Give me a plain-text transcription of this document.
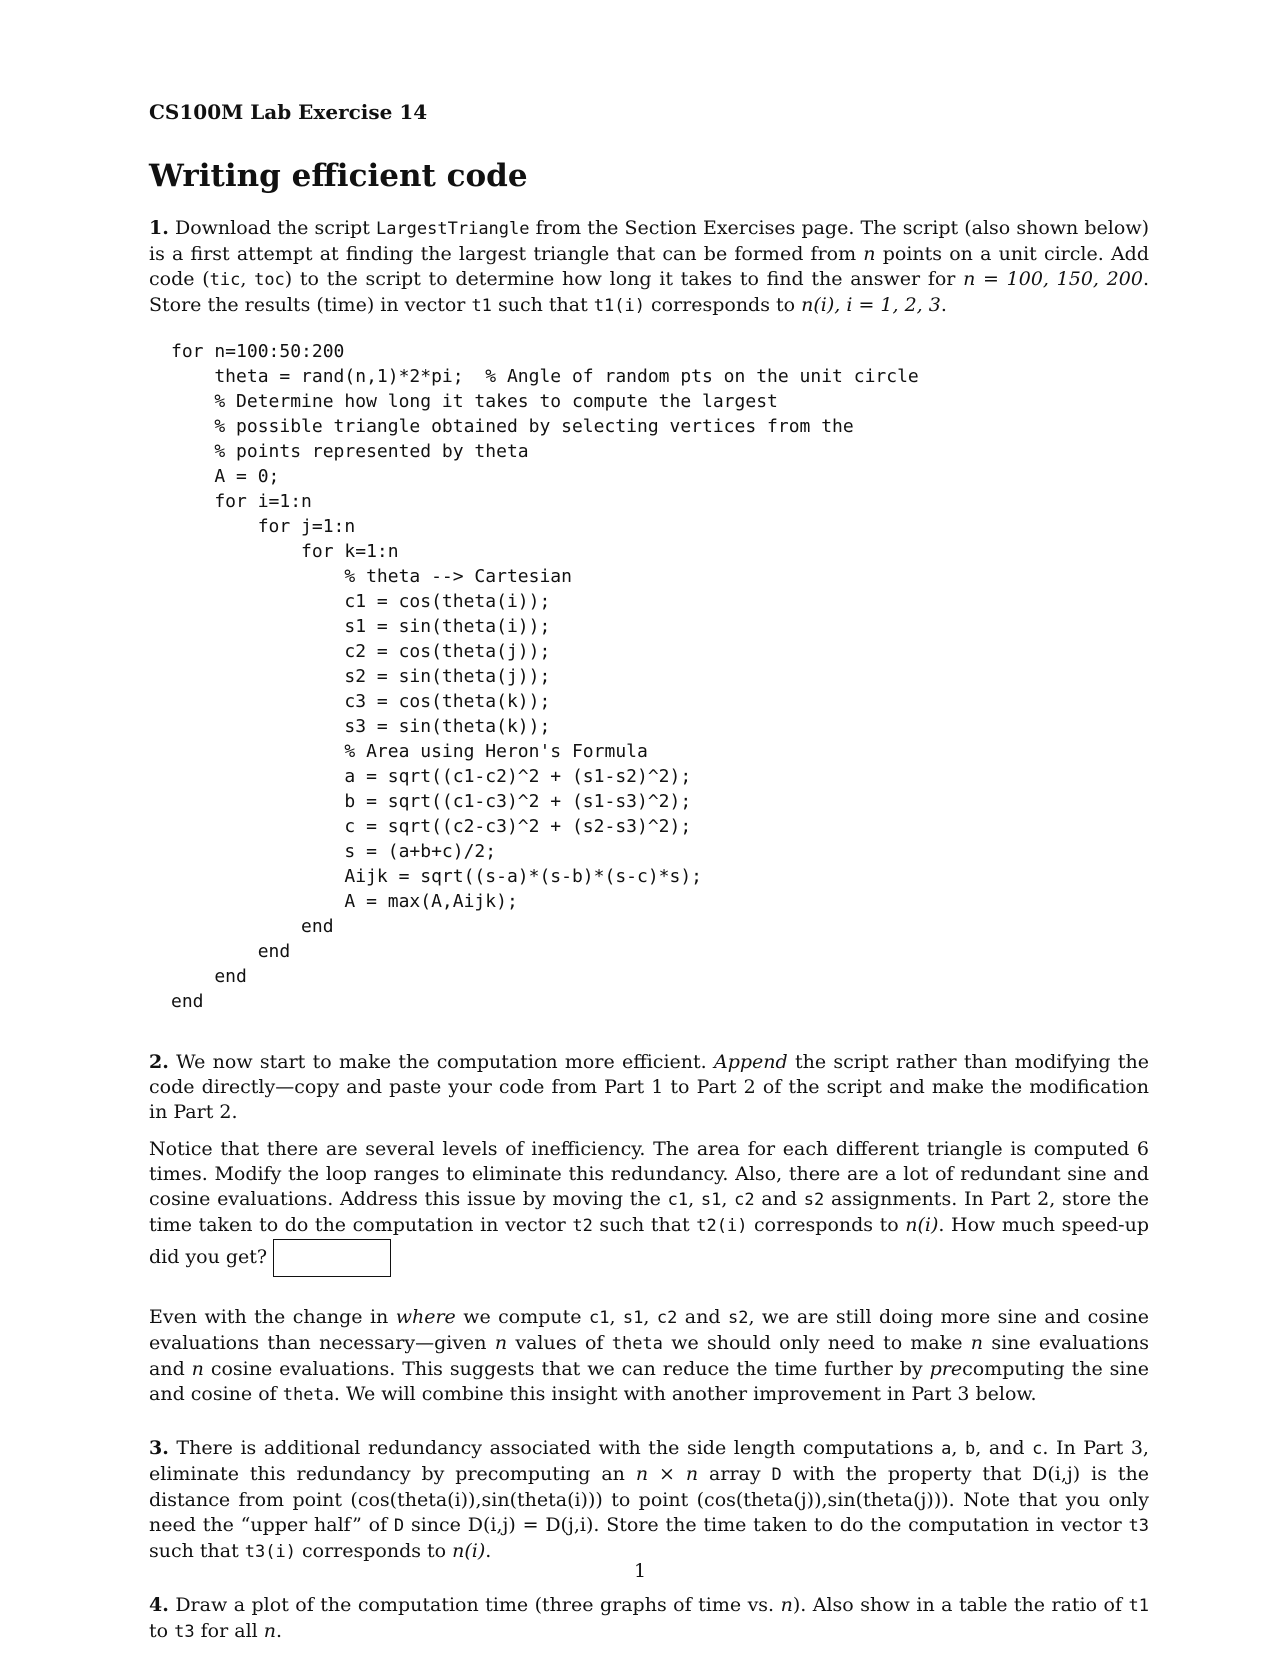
CS100M Lab Exercise 14
Writing efficient code

1. Download the script LargestTriangle from the Section Exercises page. The script (also shown below) is a first attempt at finding the largest triangle that can be formed from n points on a unit circle. Add code (tic, toc) to the script to determine how long it takes to find the answer for n = 100, 150, 200. Store the results (time) in vector t1 such that t1(i) corresponds to n(i), i = 1, 2, 3.

for n=100:50:200
theta = rand(n,1)*2*pi;  % Angle of random pts on the unit circle
% Determine how long it takes to compute the largest
% possible triangle obtained by selecting vertices from the
% points represented by theta
A = 0;
for i=1:n
for j=1:n
for k=1:n
% theta --> Cartesian
c1 = cos(theta(i));
s1 = sin(theta(i));
c2 = cos(theta(j));
s2 = sin(theta(j));
c3 = cos(theta(k));
s3 = sin(theta(k));
% Area using Heron's Formula
a = sqrt((c1-c2)^2 + (s1-s2)^2);
b = sqrt((c1-c3)^2 + (s1-s3)^2);
c = sqrt((c2-c3)^2 + (s2-s3)^2);
s = (a+b+c)/2;
Aijk = sqrt((s-a)*(s-b)*(s-c)*s);
A = max(A,Aijk);
end
end
end
end

2. We now start to make the computation more efficient. Append the script rather than modifying the code directly—copy and paste your code from Part 1 to Part 2 of the script and make the modification in Part 2.

Notice that there are several levels of inefficiency. The area for each different triangle is computed 6 times. Modify the loop ranges to eliminate this redundancy. Also, there are a lot of redundant sine and cosine evaluations. Address this issue by moving the c1, s1, c2 and s2 assignments. In Part 2, store the time taken to do the computation in vector t2 such that t2(i) corresponds to n(i). How much speed-up did you get?

Even with the change in where we compute c1, s1, c2 and s2, we are still doing more sine and cosine evaluations than necessary—given n values of theta we should only need to make n sine evaluations and n cosine evaluations. This suggests that we can reduce the time further by precomputing the sine and cosine of theta. We will combine this insight with another improvement in Part 3 below.

3. There is additional redundancy associated with the side length computations a, b, and c. In Part 3, eliminate this redundancy by precomputing an n × n array D with the property that D(i,j) is the distance from point (cos(theta(i)),sin(theta(i))) to point (cos(theta(j)),sin(theta(j))). Note that you only need the “upper half” of D since D(i,j) = D(j,i). Store the time taken to do the computation in vector t3 such that t3(i) corresponds to n(i).

4. Draw a plot of the computation time (three graphs of time vs. n). Also show in a table the ratio of t1 to t3 for all n.

1
